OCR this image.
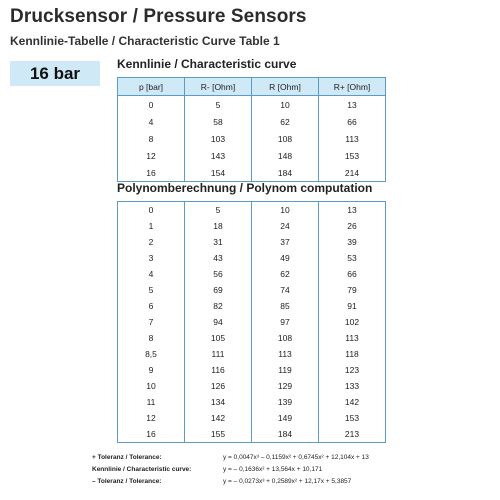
Drucksensor / Pressure Sensors
Kennlinie-Tabelle / Characteristic Curve Table 1
16 bar	Kennlinie / Characteristic curve
p [bar]	R- [Ohm]	R [Ohm]	R+ [Ohm]
0	5	10	13
4	58	62	66
8	103	108	113
12	143	148	153
16	154	184	214
Polynomberechnung / Polynom computation
0	5	10	13
1	18	24	26
2	31	37	39
3	43	49	53
4	56	62	66
5	69	74	79
6	82	85	91
7	94	97	102
8	105	108	113
8,5	111	113	118
9	116	119	123
10	126	129	133
11	134	139	142
12	142	149	153
16	155	184	213
+ Toleranz / Tolerance:	y = 0,0047x³ – 0,1159x² + 0,6745x² + 12,104x + 13
Kennlinie / Characteristic curve:	y = – 0,1636x² + 13,564x + 10,171
– Toleranz / Tolerance:	y = – 0,0273x³ + 0,2589x² + 12,17x + 5,3857
